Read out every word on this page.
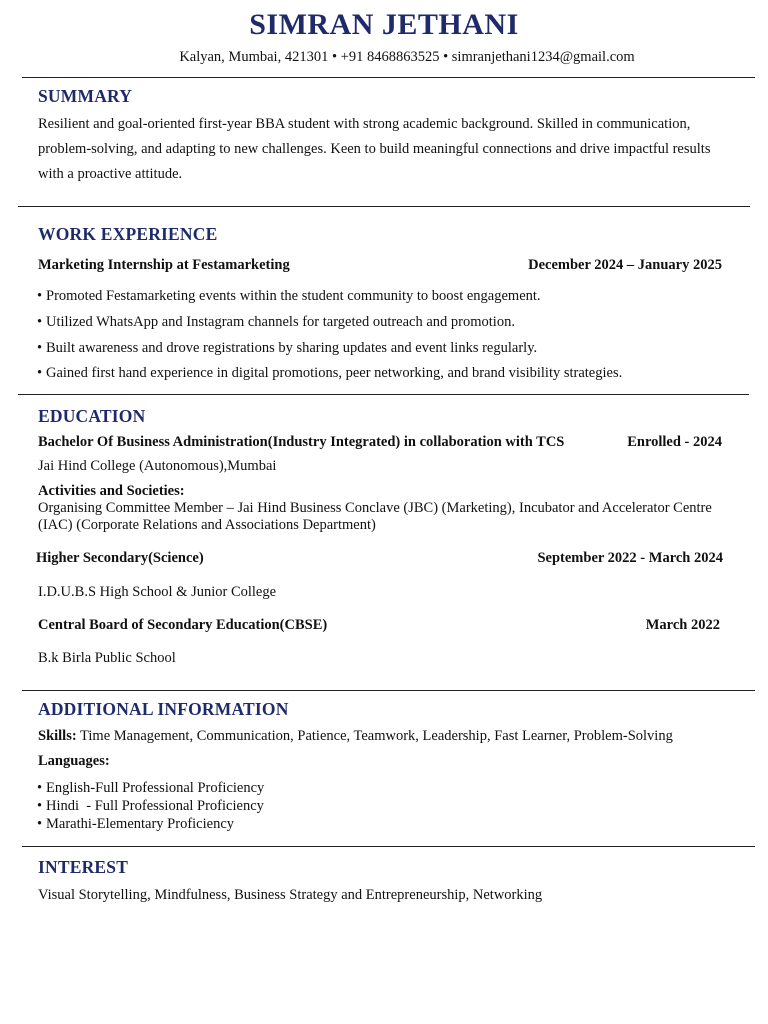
SIMRAN JETHANI
Kalyan, Mumbai, 421301 • +91 8468863525 • simranjethani1234@gmail.com
SUMMARY
Resilient and goal-oriented first-year BBA student with strong academic background. Skilled in communication, problem-solving, and adapting to new challenges. Keen to build meaningful connections and drive impactful results with a proactive attitude.
WORK EXPERIENCE
Marketing Internship at Festamarketing	December 2024 – January 2025
• Promoted Festamarketing events within the student community to boost engagement.
• Utilized WhatsApp and Instagram channels for targeted outreach and promotion.
• Built awareness and drove registrations by sharing updates and event links regularly.
• Gained first hand experience in digital promotions, peer networking, and brand visibility strategies.
EDUCATION
Bachelor Of Business Administration(Industry Integrated) in collaboration with TCS	Enrolled - 2024
Jai Hind College (Autonomous),Mumbai
Activities and Societies:
Organising Committee Member – Jai Hind Business Conclave (JBC) (Marketing), Incubator and Accelerator Centre (IAC) (Corporate Relations and Associations Department)
Higher Secondary(Science)	September 2022 - March 2024
I.D.U.B.S High School & Junior College
Central Board of Secondary Education(CBSE)	March 2022
B.k Birla Public School
ADDITIONAL INFORMATION
Skills: Time Management, Communication, Patience, Teamwork, Leadership, Fast Learner, Problem-Solving
Languages:
• English-Full Professional Proficiency
• Hindi  - Full Professional Proficiency
• Marathi-Elementary Proficiency
INTEREST
Visual Storytelling, Mindfulness, Business Strategy and Entrepreneurship, Networking
